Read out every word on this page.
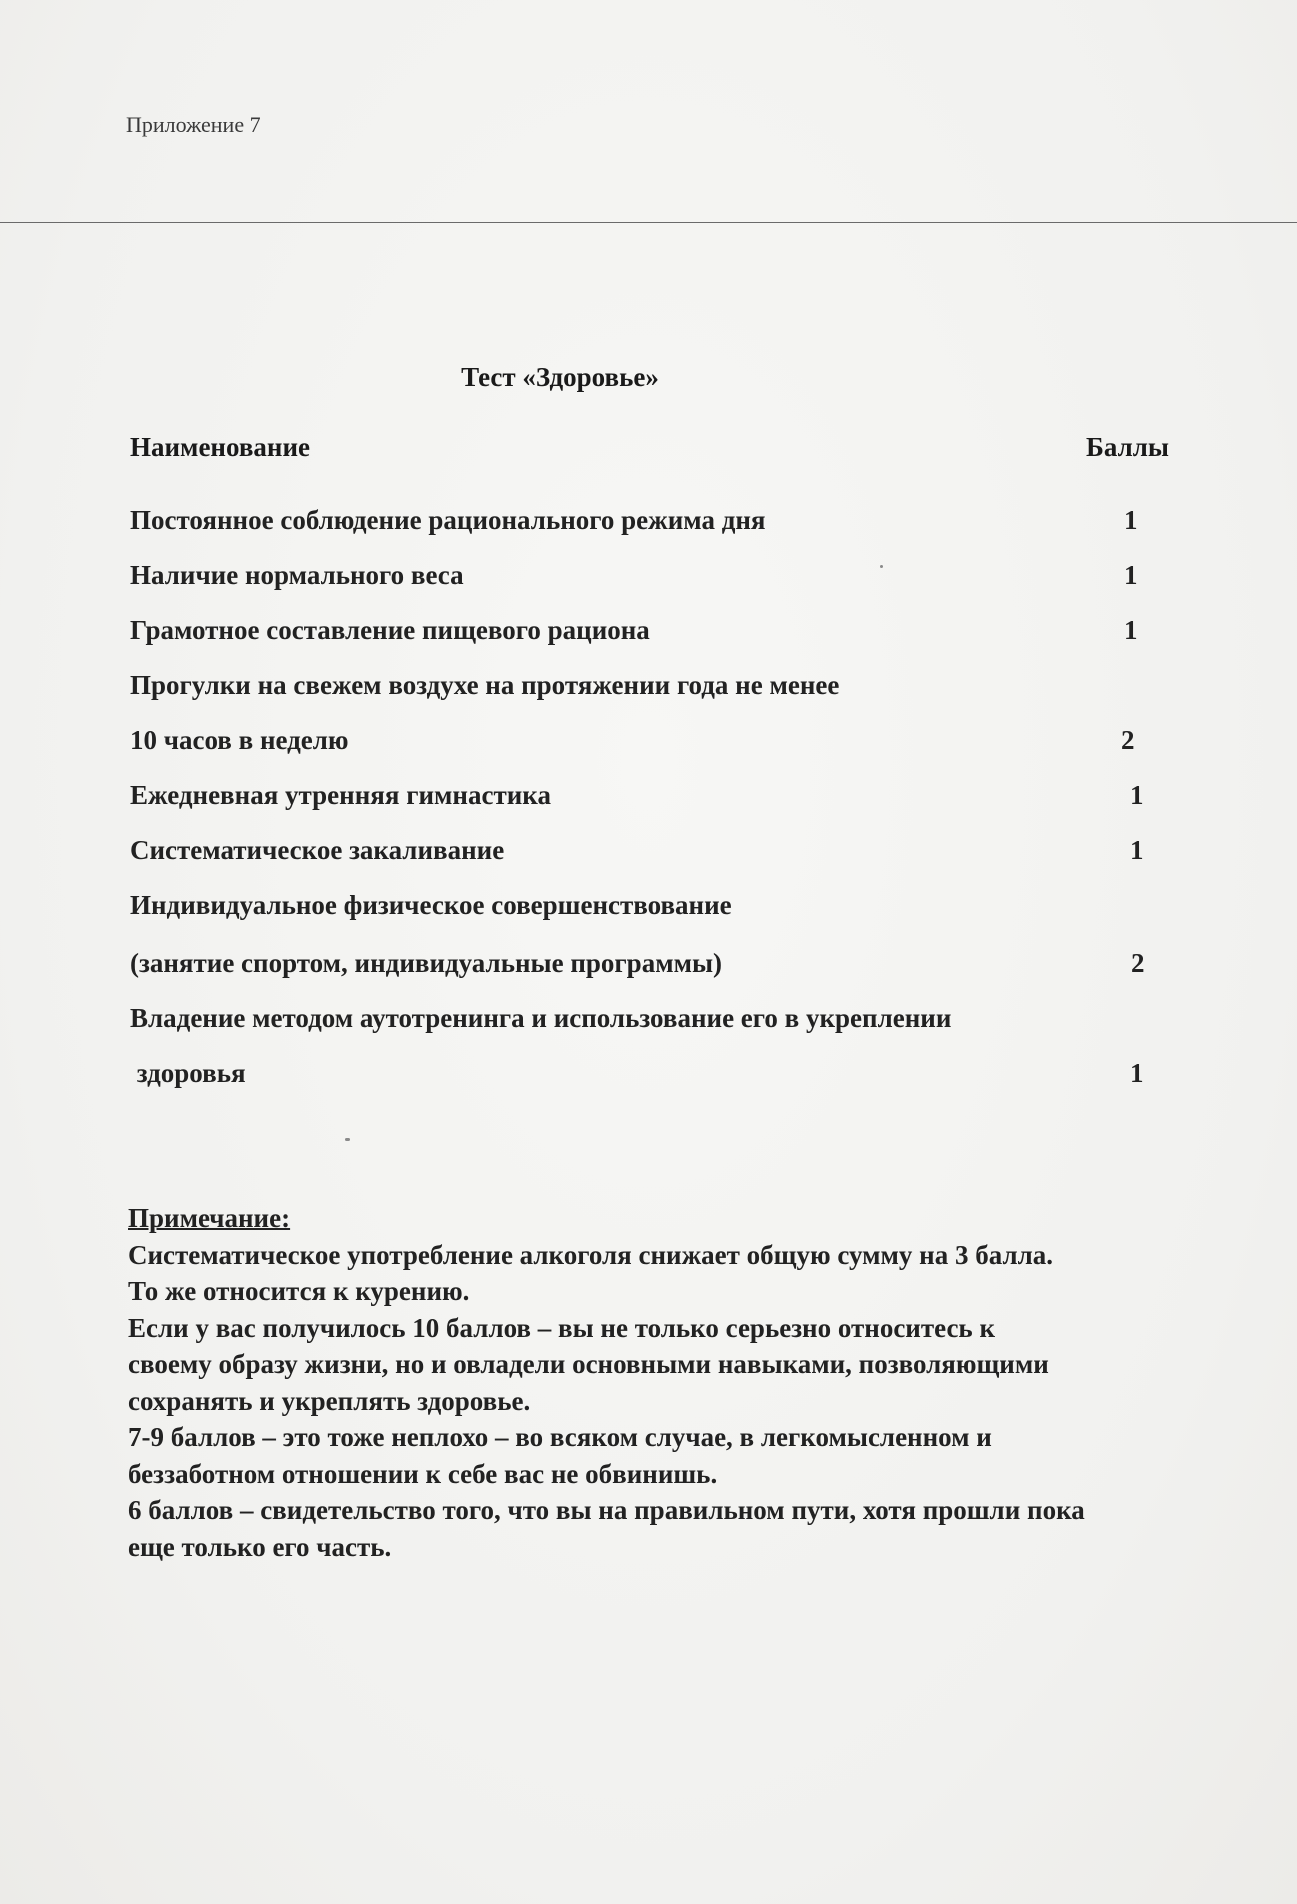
Приложение 7
Тест «Здоровье»
Наименование	Баллы
Постоянное соблюдение рационального режима дня	1
Наличие нормального веса	1
Грамотное составление пищевого рациона	1
Прогулки на свежем воздухе на протяжении года не менее
10 часов в неделю	2
Ежедневная утренняя гимнастика	1
Систематическое закаливание	1
Индивидуальное физическое совершенствование
(занятие спортом, индивидуальные программы)	2
Владение методом аутотренинга и использование его в укреплении
здоровья	1
Примечание:
Систематическое употребление алкоголя снижает общую сумму на 3 балла.
То же относится к курению.
Если у вас получилось 10 баллов – вы не только серьезно относитесь к
своему образу жизни, но и овладели основными навыками, позволяющими
сохранять и укреплять здоровье.
7-9 баллов – это тоже неплохо – во всяком случае, в легкомысленном и
беззаботном отношении к себе вас не обвинишь.
6 баллов – свидетельство того, что вы на правильном пути, хотя прошли пока
еще только его часть.
